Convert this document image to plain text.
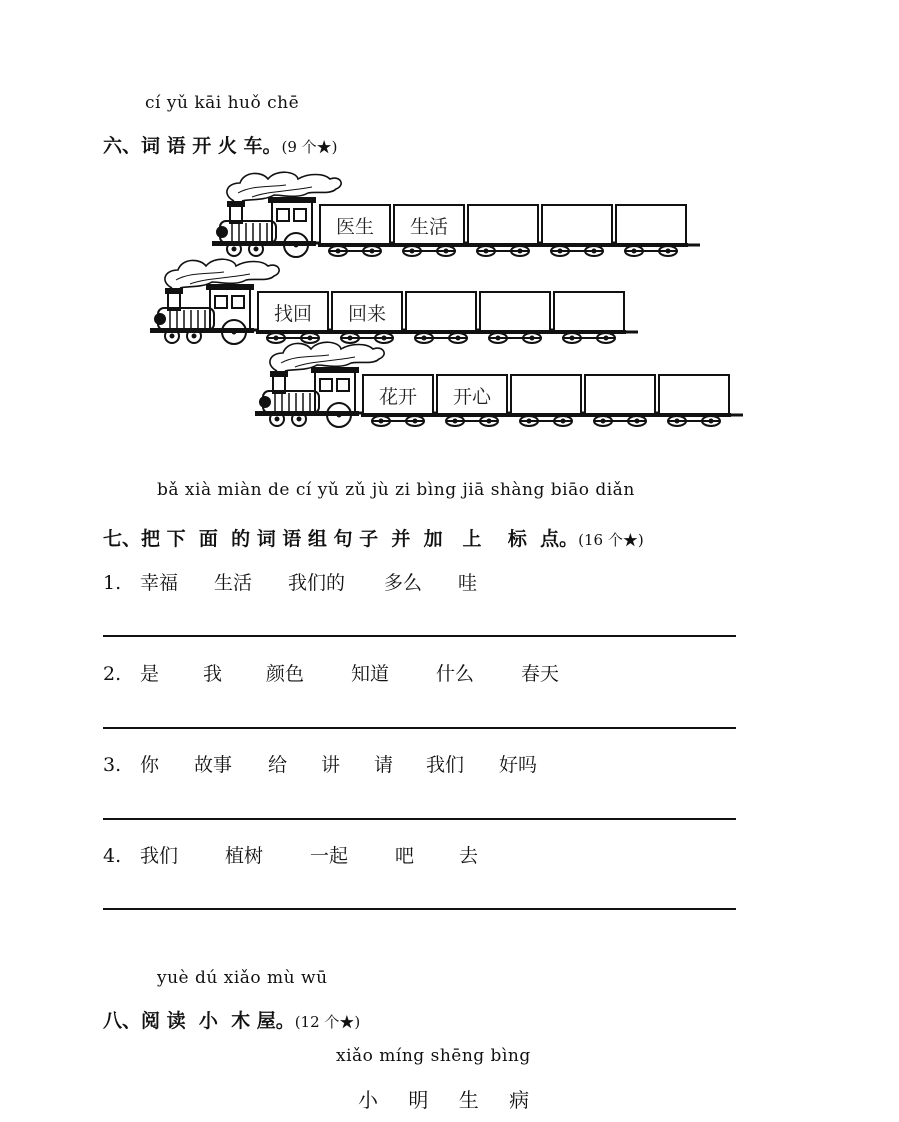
cí yǔ kāi huǒ chē
六、词 语 开 火 车。(9 个★)
医生 生活
找回 回来
花开 开心
bǎ xià miàn de cí yǔ zǔ jù zi bìng jiā shàng biāo diǎn
七、把 下  面  的 词 语 组 句 子  并  加   上    标  点。(16 个★)
1. 幸福 生活 我们的 多么 哇
2. 是 我 颜色 知道 什么 春天
3. 你 故事 给 讲 请 我们 好吗
4. 我们 植树 一起 吧 去
yuè dú xiǎo mù wū
八、阅 读  小  木 屋。(12 个★)
xiǎo míng shēng bìng
小 明 生 病
